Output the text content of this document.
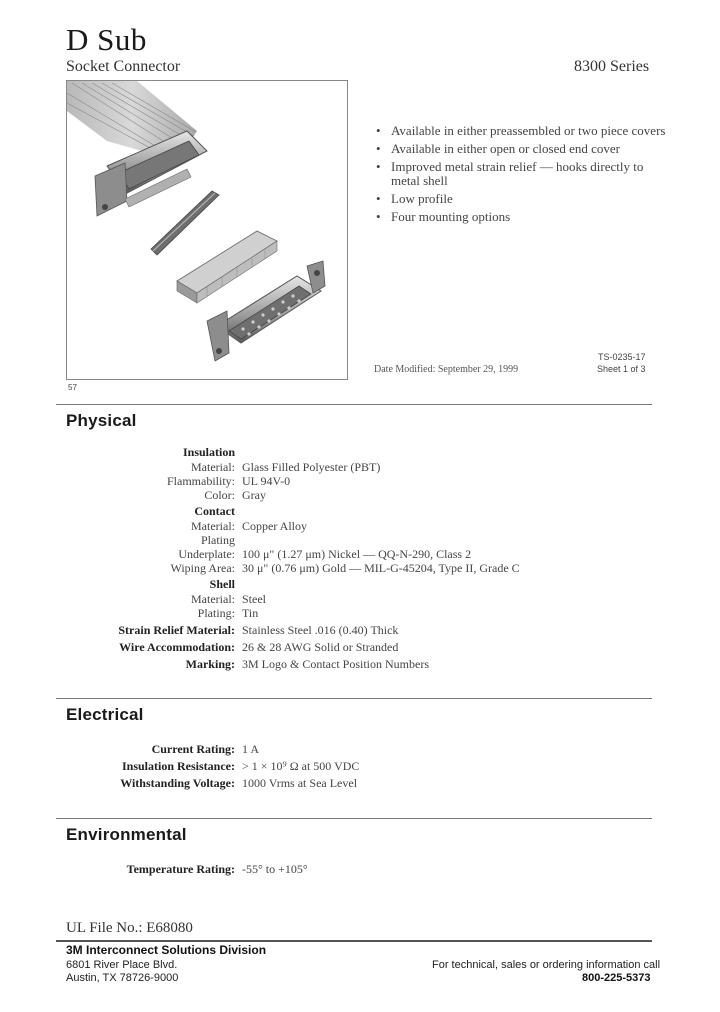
D Sub
Socket Connector	8300 Series
57
• Available in either preassembled or two piece covers
• Available in either open or closed end cover
• Improved metal strain relief — hooks directly to metal shell
• Low profile
• Four mounting options
TS-0235-17
Date Modified: September 29, 1999	Sheet 1 of 3
Physical
Insulation
Material: Glass Filled Polyester (PBT)
Flammability: UL 94V-0
Color: Gray
Contact
Material: Copper Alloy
Plating
Underplate: 100 μ" (1.27 μm) Nickel — QQ-N-290, Class 2
Wiping Area: 30 μ" (0.76 μm) Gold — MIL-G-45204, Type II, Grade C
Shell
Material: Steel
Plating: Tin
Strain Relief Material: Stainless Steel .016 (0.40) Thick
Wire Accommodation: 26 & 28 AWG Solid or Stranded
Marking: 3M Logo & Contact Position Numbers
Electrical
Current Rating: 1 A
Insulation Resistance: > 1 × 10⁹ Ω at 500 VDC
Withstanding Voltage: 1000 Vrms at Sea Level
Environmental
Temperature Rating: -55° to +105°
UL File No.: E68080
3M Interconnect Solutions Division
6801 River Place Blvd.
Austin, TX 78726-9000
For technical, sales or ordering information call
800-225-5373
